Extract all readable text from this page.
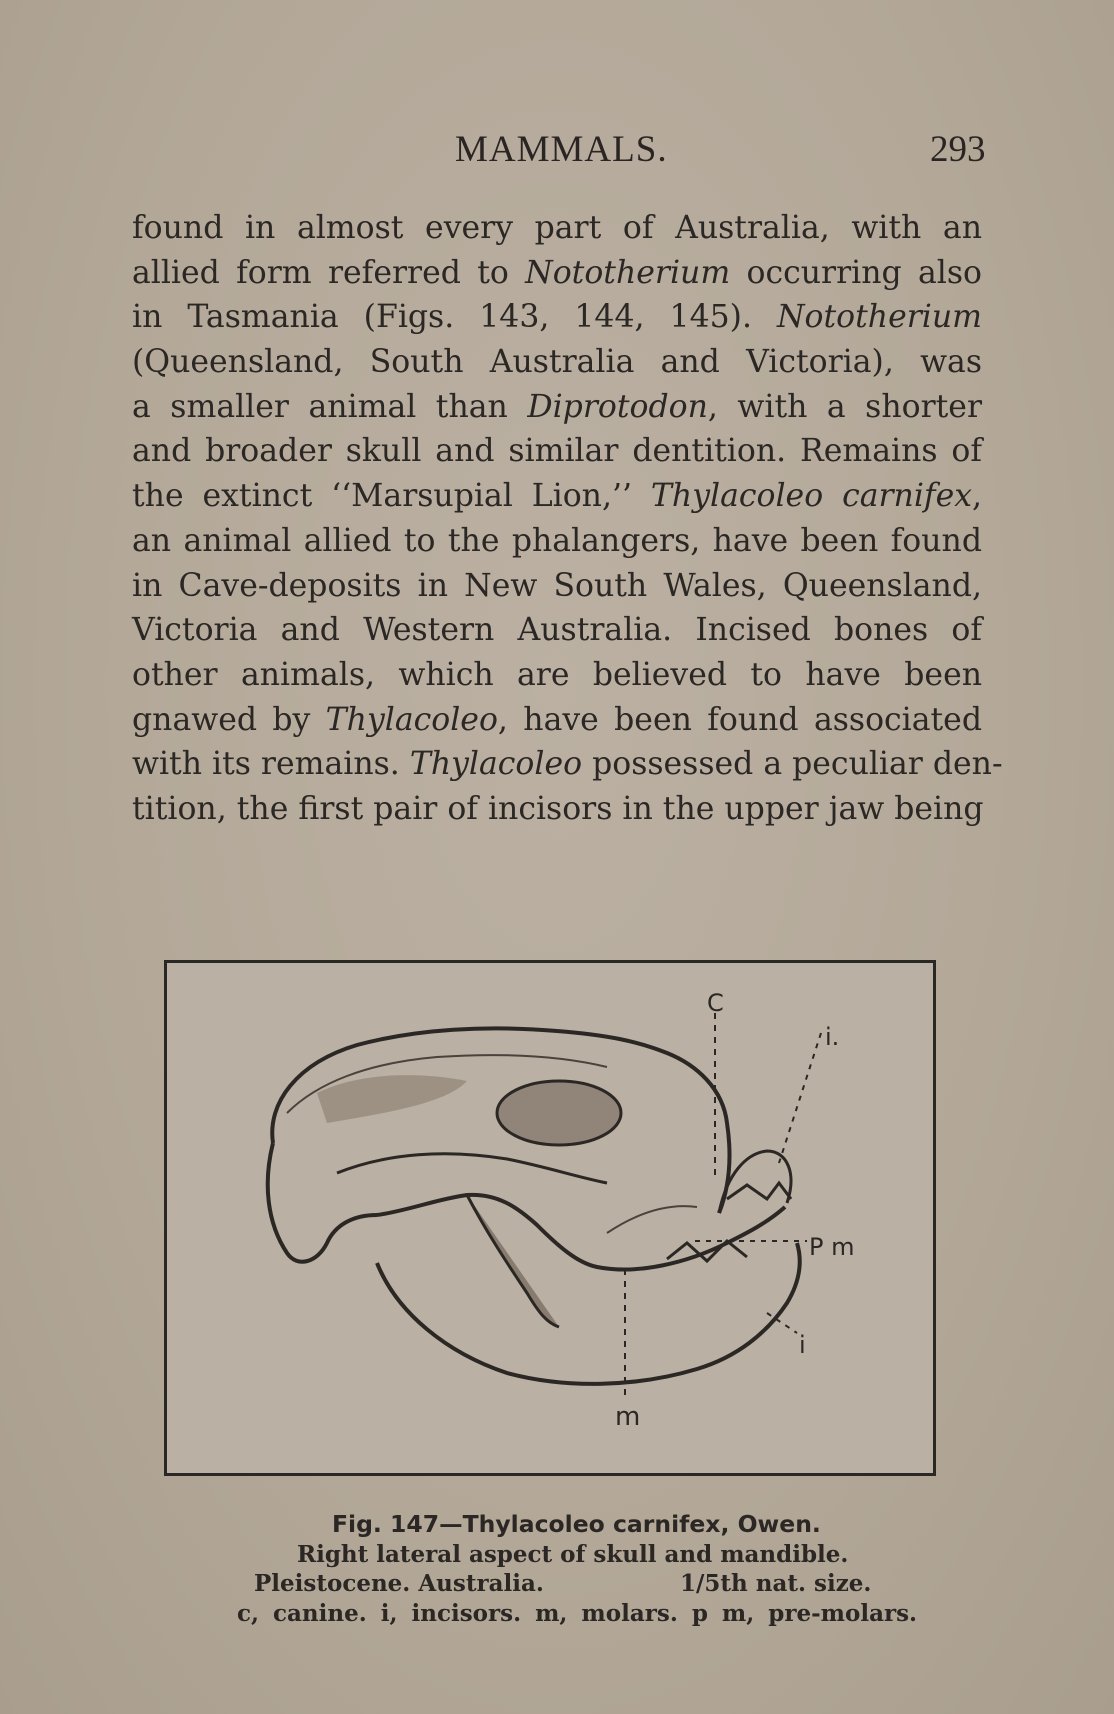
MAMMALS.	293
found in almost every part of Australia, with an
allied form referred to Nototherium occurring also
in Tasmania (Figs. 143, 144, 145). Nototherium
(Queensland, South Australia and Victoria), was
a smaller animal than Diprotodon, with a shorter
and broader skull and similar dentition. Remains of
the extinct ‘‘Marsupial Lion,’’ Thylacoleo carnifex,
an animal allied to the phalangers, have been found
in Cave-deposits in New South Wales, Queensland,
Victoria and Western Australia. Incised bones of
other animals, which are believed to have been
gnawed by Thylacoleo, have been found associated
with its remains. Thylacoleo possessed a peculiar den-
tition, the first pair of incisors in the upper jaw being
C
i.
P m
i
m
Fig. 147—Thylacoleo carnifex, Owen.
Right lateral aspect of skull and mandible.
Pleistocene. Australia.	1/5th nat. size.
c, canine. i, incisors. m, molars. p m, pre-molars.
